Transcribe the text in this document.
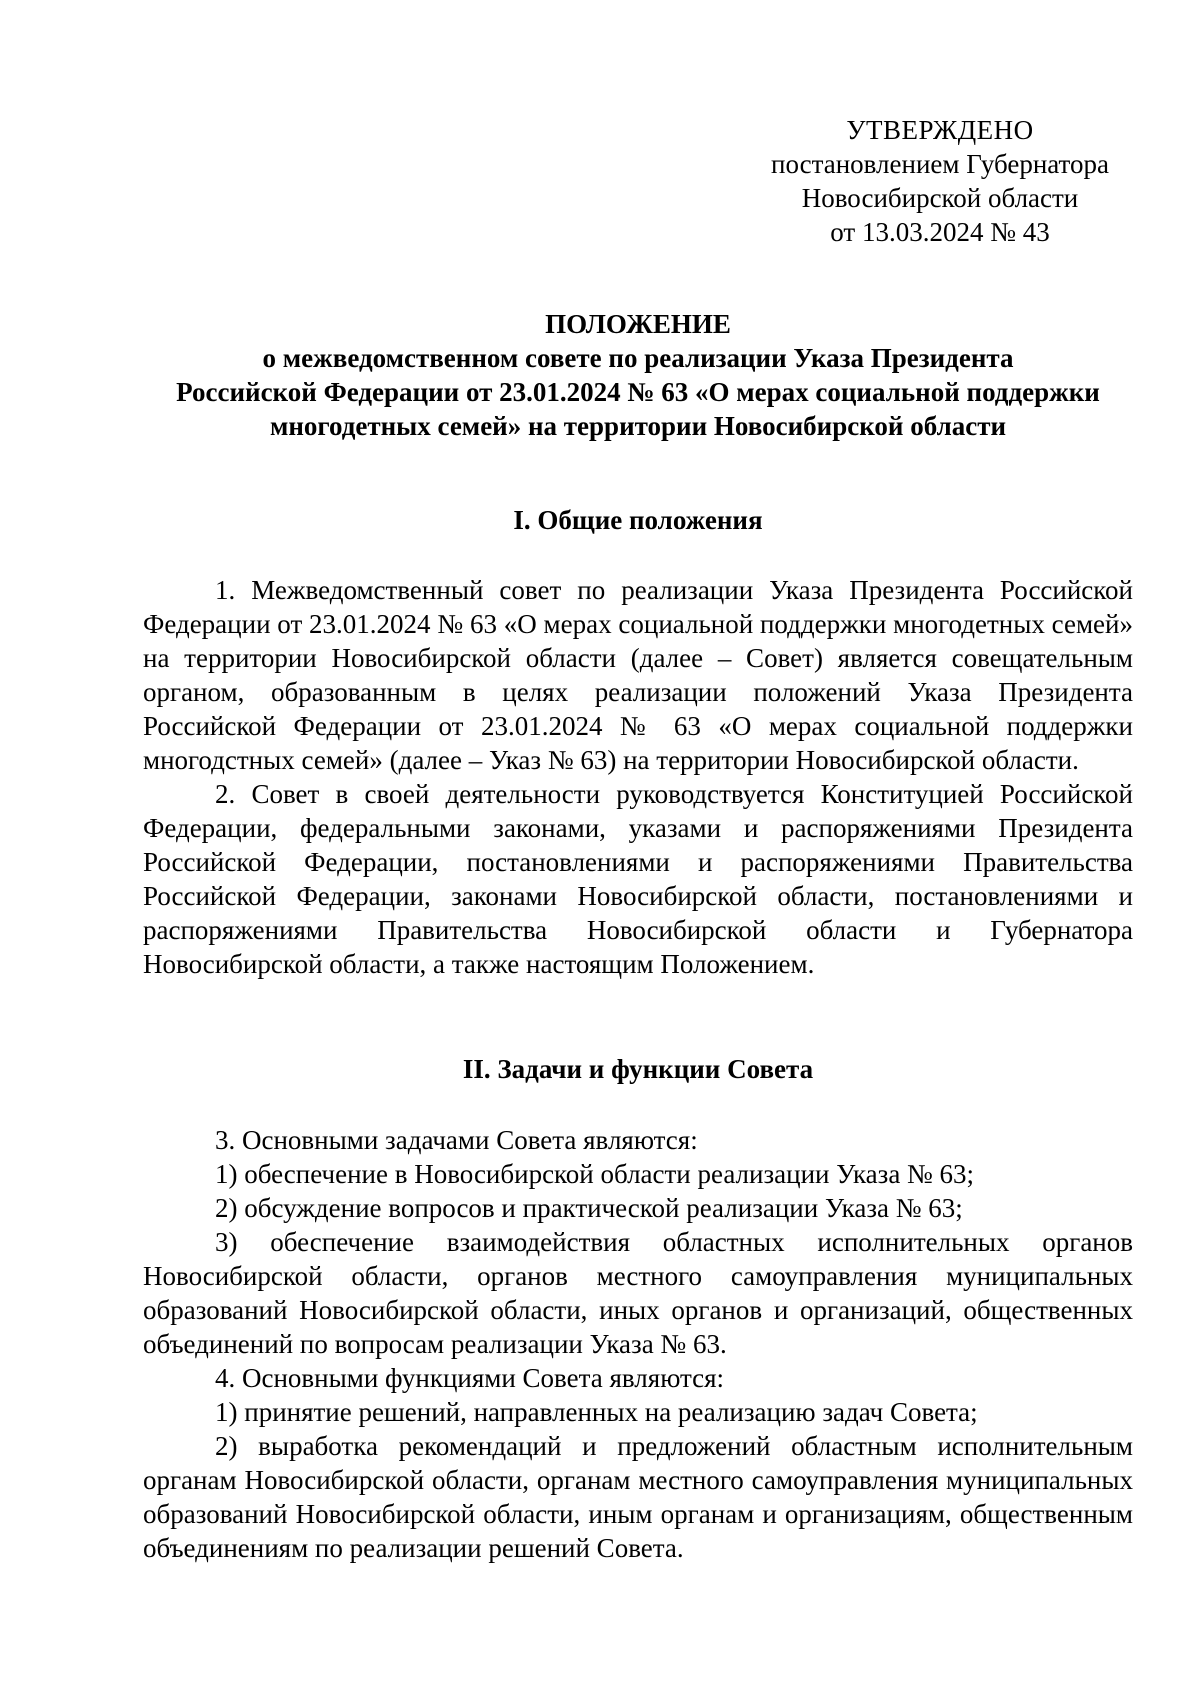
УТВЕРЖДЕНО
постановлением Губернатора
Новосибирской области
от 13.03.2024 № 43
ПОЛОЖЕНИЕ
о межведомственном совете по реализации Указа Президента
Российской Федерации от 23.01.2024 № 63 «О мерах социальной поддержки
многодетных семей» на территории Новосибирской области
I. Общие положения

1. Межведомственный совет по реализации Указа Президента Российской Федерации от 23.01.2024 № 63 «О мерах социальной поддержки многодетных семей» на территории Новосибирской области (далее – Совет) является совещательным органом, образованным в целях реализации положений Указа Президента Российской Федерации от 23.01.2024 № 63 «О мерах социальной поддержки многодстных семей» (далее – Указ № 63) на территории Новосибирской области.

2. Совет в своей деятельности руководствуется Конституцией Российской Федерации, федеральными законами, указами и распоряжениями Президента Российской Федерации, постановлениями и распоряжениями Правительства Российской Федерации, законами Новосибирской области, постановлениями и распоряжениями Правительства Новосибирской области и Губернатора Новосибирской области, а также настоящим Положением.

II. Задачи и функции Совета

3. Основными задачами Совета являются:

1) обеспечение в Новосибирской области реализации Указа № 63;

2) обсуждение вопросов и практической реализации Указа № 63;

3) обеспечение взаимодействия областных исполнительных органов Новосибирской области, органов местного самоуправления муниципальных образований Новосибирской области, иных органов и организаций, общественных объединений по вопросам реализации Указа № 63.

4. Основными функциями Совета являются:

1) принятие решений, направленных на реализацию задач Совета;

2) выработка рекомендаций и предложений областным исполнительным органам Новосибирской области, органам местного самоуправления муниципальных образований Новосибирской области, иным органам и организациям, общественным объединениям по реализации решений Совета.
